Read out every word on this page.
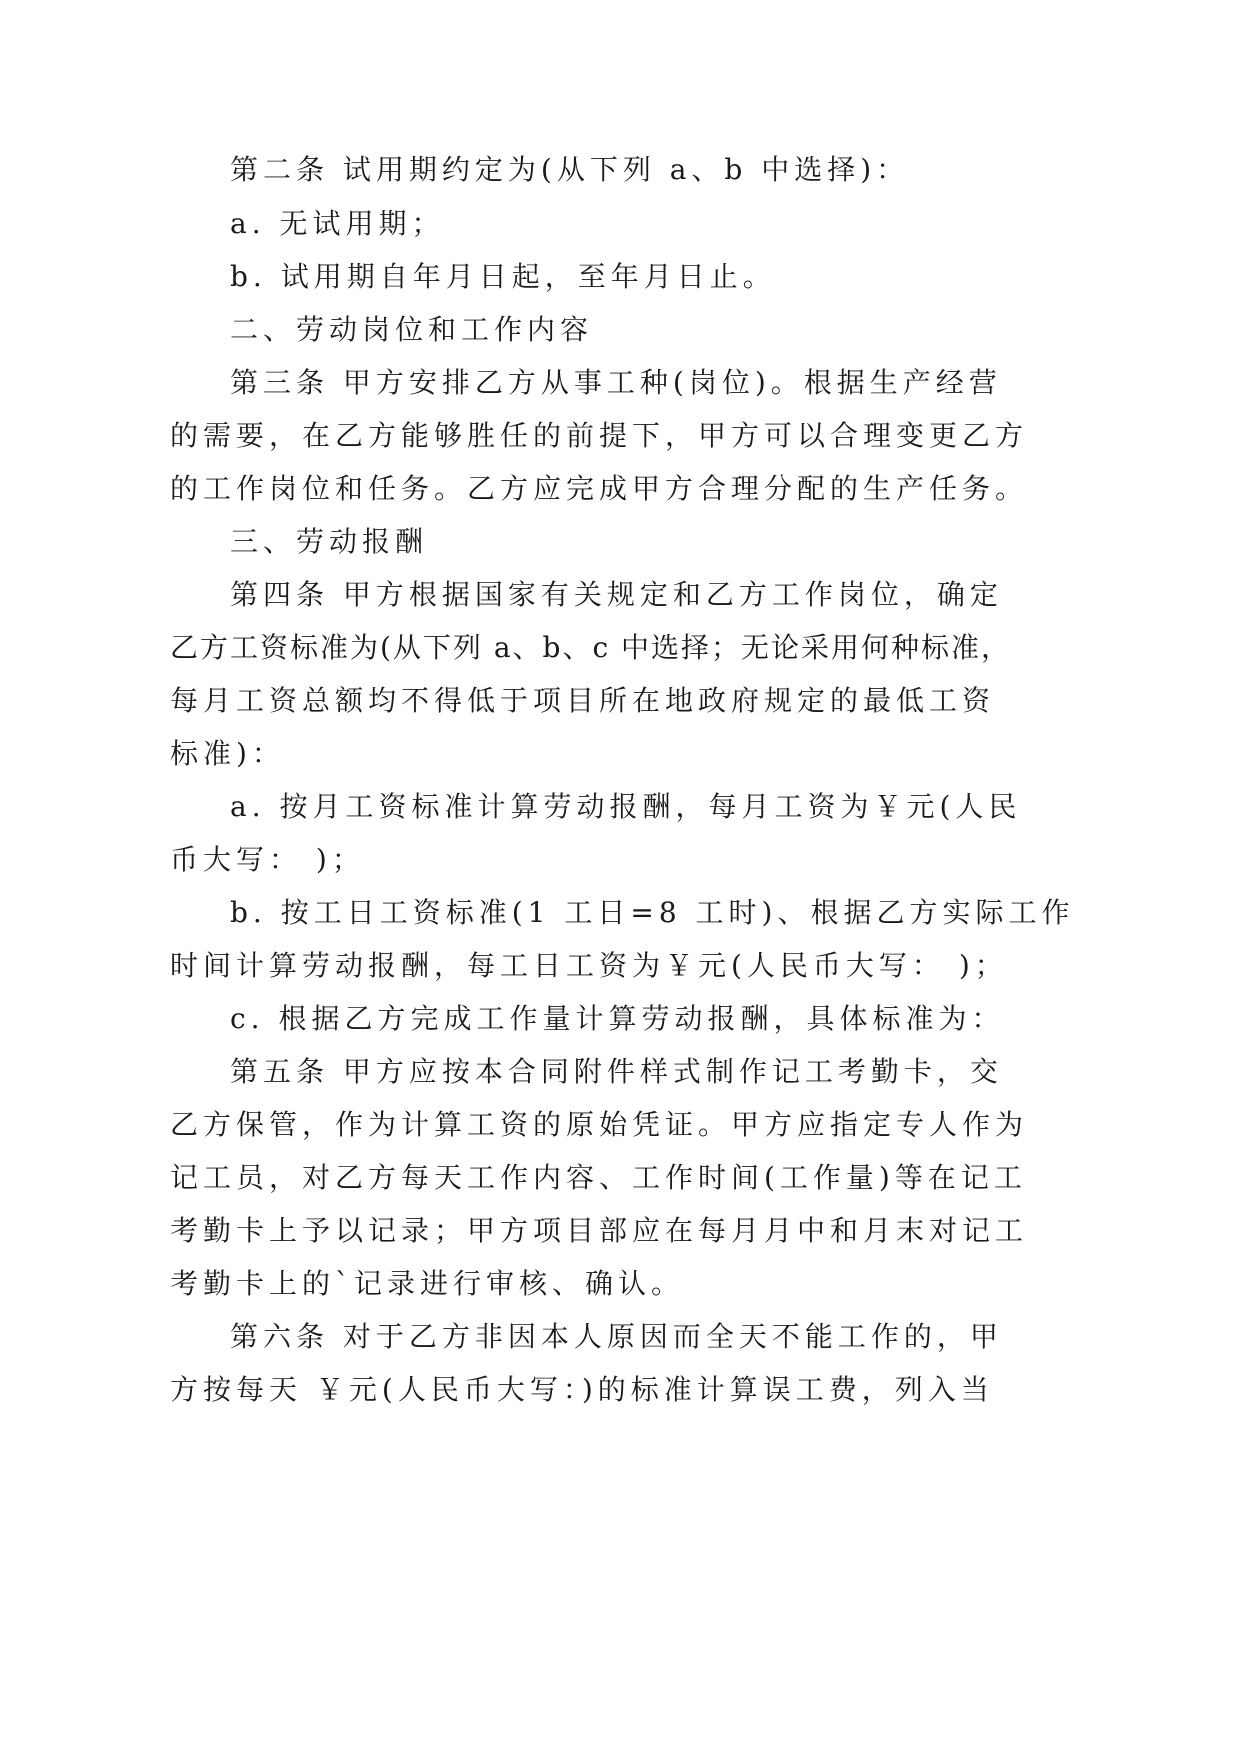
第二条 试用期约定为(从下列 a、b 中选择)：
a. 无试用期；
b. 试用期自年月日起，至年月日止。
二、劳动岗位和工作内容
第三条 甲方安排乙方从事工种(岗位)。根据生产经营
的需要，在乙方能够胜任的前提下，甲方可以合理变更乙方
的工作岗位和任务。乙方应完成甲方合理分配的生产任务。
三、劳动报酬
第四条 甲方根据国家有关规定和乙方工作岗位，确定
乙方工资标准为(从下列 a、b、c 中选择；无论采用何种标准，
每月工资总额均不得低于项目所在地政府规定的最低工资
标准)：
a. 按月工资标准计算劳动报酬，每月工资为￥元(人民
币大写： )；
b. 按工日工资标准(1 工日=8 工时)、根据乙方实际工作
时间计算劳动报酬，每工日工资为￥元(人民币大写： )；
c. 根据乙方完成工作量计算劳动报酬，具体标准为：
第五条 甲方应按本合同附件样式制作记工考勤卡，交
乙方保管，作为计算工资的原始凭证。甲方应指定专人作为
记工员，对乙方每天工作内容、工作时间(工作量)等在记工
考勤卡上予以记录；甲方项目部应在每月月中和月末对记工
考勤卡上的`记录进行审核、确认。
第六条 对于乙方非因本人原因而全天不能工作的，甲
方按每天 ￥元(人民币大写：)的标准计算误工费，列入当
